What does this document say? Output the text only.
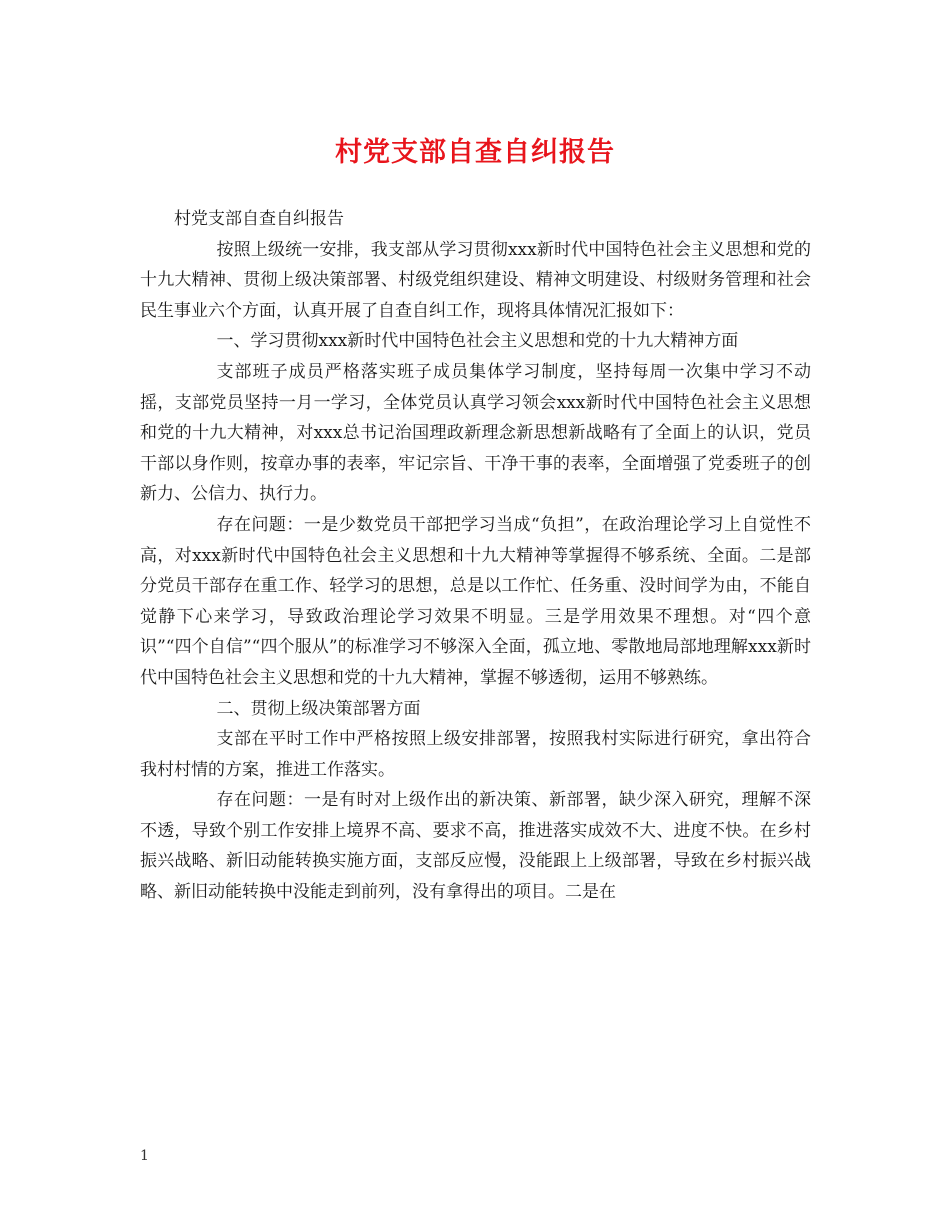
村党支部自查自纠报告

村党支部自查自纠报告

按照上级统一安排，我支部从学习贯彻xxx新时代中国特色社会主义思想和党的十九大精神、贯彻上级决策部署、村级党组织建设、精神文明建设、村级财务管理和社会民生事业六个方面，认真开展了自查自纠工作，现将具体情况汇报如下：

一、学习贯彻xxx新时代中国特色社会主义思想和党的十九大精神方面

支部班子成员严格落实班子成员集体学习制度，坚持每周一次集中学习不动摇，支部党员坚持一月一学习，全体党员认真学习领会xxx新时代中国特色社会主义思想和党的十九大精神，对xxx总书记治国理政新理念新思想新战略有了全面上的认识，党员干部以身作则，按章办事的表率，牢记宗旨、干净干事的表率，全面增强了党委班子的创新力、公信力、执行力。

存在问题：一是少数党员干部把学习当成“负担”，在政治理论学习上自觉性不高，对xxx新时代中国特色社会主义思想和十九大精神等掌握得不够系统、全面。二是部分党员干部存在重工作、轻学习的思想，总是以工作忙、任务重、没时间学为由，不能自觉静下心来学习，导致政治理论学习效果不明显。三是学用效果不理想。对“四个意识”“四个自信”“四个服从”的标准学习不够深入全面，孤立地、零散地局部地理解xxx新时代中国特色社会主义思想和党的十九大精神，掌握不够透彻，运用不够熟练。

二、贯彻上级决策部署方面

支部在平时工作中严格按照上级安排部署，按照我村实际进行研究，拿出符合我村村情的方案，推进工作落实。

存在问题：一是有时对上级作出的新决策、新部署，缺少深入研究，理解不深不透，导致个别工作安排上境界不高、要求不高，推进落实成效不大、进度不快。在乡村振兴战略、新旧动能转换实施方面，支部反应慢，没能跟上上级部署，导致在乡村振兴战略、新旧动能转换中没能走到前列，没有拿得出的项目。二是在

1
